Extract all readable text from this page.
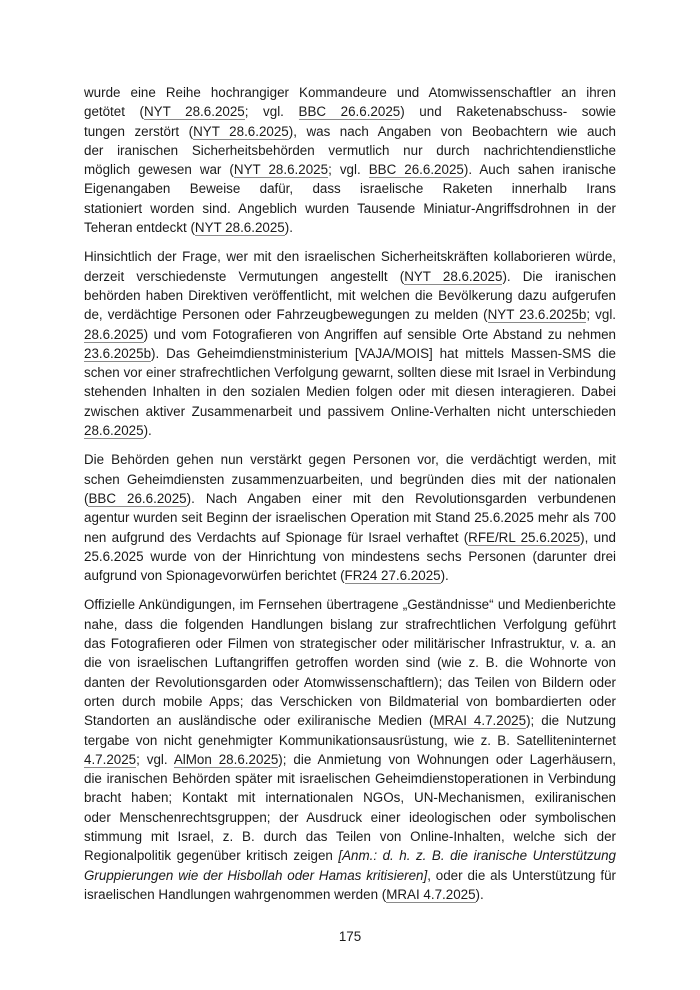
wurde eine Reihe hochrangiger Kommandeure und Atomwissenschaftler an ihren
getötet (NYT 28.6.2025; vgl. BBC 26.6.2025) und Raketenabschuss- sowie
tungen zerstört (NYT 28.6.2025), was nach Angaben von Beobachtern wie auch
der iranischen Sicherheitsbehörden vermutlich nur durch nachrichtendienstliche
möglich gewesen war (NYT 28.6.2025; vgl. BBC 26.6.2025). Auch sahen iranische
Eigenangaben Beweise dafür, dass israelische Raketen innerhalb Irans
stationiert worden sind. Angeblich wurden Tausende Miniatur-Angriffsdrohnen in der
Teheran entdeckt (NYT 28.6.2025).
Hinsichtlich der Frage, wer mit den israelischen Sicherheitskräften kollaborieren würde,
derzeit verschiedenste Vermutungen angestellt (NYT 28.6.2025). Die iranischen
behörden haben Direktiven veröffentlicht, mit welchen die Bevölkerung dazu aufgerufen
de, verdächtige Personen oder Fahrzeugbewegungen zu melden (NYT 23.6.2025b; vgl.
28.6.2025) und vom Fotografieren von Angriffen auf sensible Orte Abstand zu nehmen
23.6.2025b). Das Geheimdienstministerium [VAJA/MOIS] hat mittels Massen-SMS die
schen vor einer strafrechtlichen Verfolgung gewarnt, sollten diese mit Israel in Verbindung
stehenden Inhalten in den sozialen Medien folgen oder mit diesen interagieren. Dabei
zwischen aktiver Zusammenarbeit und passivem Online-Verhalten nicht unterschieden
28.6.2025).
Die Behörden gehen nun verstärkt gegen Personen vor, die verdächtigt werden, mit
schen Geheimdiensten zusammenzuarbeiten, und begründen dies mit der nationalen
(BBC 26.6.2025). Nach Angaben einer mit den Revolutionsgarden verbundenen
agentur wurden seit Beginn der israelischen Operation mit Stand 25.6.2025 mehr als 700
nen aufgrund des Verdachts auf Spionage für Israel verhaftet (RFE/RL 25.6.2025), und
25.6.2025 wurde von der Hinrichtung von mindestens sechs Personen (darunter drei
aufgrund von Spionagevorwürfen berichtet (FR24 27.6.2025).
Offizielle Ankündigungen, im Fernsehen übertragene „Geständnisse“ und Medienberichte
nahe, dass die folgenden Handlungen bislang zur strafrechtlichen Verfolgung geführt
das Fotografieren oder Filmen von strategischer oder militärischer Infrastruktur, v. a. an
die von israelischen Luftangriffen getroffen worden sind (wie z. B. die Wohnorte von
danten der Revolutionsgarden oder Atomwissenschaftlern); das Teilen von Bildern oder
orten durch mobile Apps; das Verschicken von Bildmaterial von bombardierten oder
Standorten an ausländische oder exiliranische Medien (MRAI 4.7.2025); die Nutzung
tergabe von nicht genehmigter Kommunikationsausrüstung, wie z. B. Satelliteninternet
4.7.2025; vgl. AlMon 28.6.2025); die Anmietung von Wohnungen oder Lagerhäusern,
die iranischen Behörden später mit israelischen Geheimdienstoperationen in Verbindung
bracht haben; Kontakt mit internationalen NGOs, UN-Mechanismen, exiliranischen
oder Menschenrechtsgruppen; der Ausdruck einer ideologischen oder symbolischen
stimmung mit Israel, z. B. durch das Teilen von Online-Inhalten, welche sich der
Regionalpolitik gegenüber kritisch zeigen [Anm.: d. h. z. B. die iranische Unterstützung
Gruppierungen wie der Hisbollah oder Hamas kritisieren], oder die als Unterstützung für
israelischen Handlungen wahrgenommen werden (MRAI 4.7.2025).
175
